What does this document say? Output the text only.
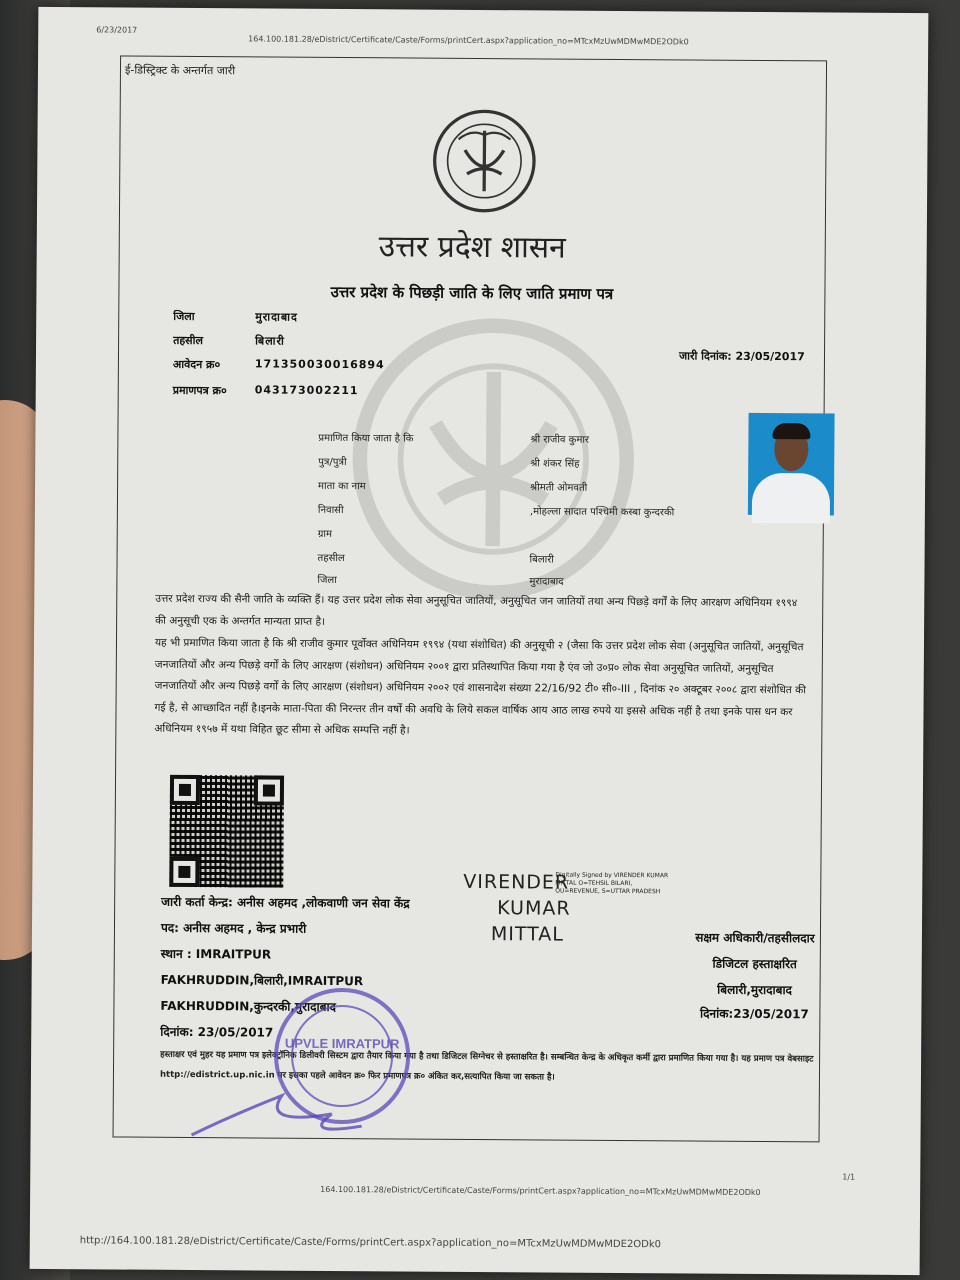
6/23/2017
164.100.181.28/eDistrict/Certificate/Caste/Forms/printCert.aspx?application_no=MTcxMzUwMDMwMDE2ODk0
ई-डिस्ट्रिक्ट के अन्तर्गत जारी
उत्तर प्रदेश शासन
उत्तर प्रदेश के पिछड़ी जाति के लिए जाति प्रमाण पत्र
जिला	मुरादाबाद
तहसील	बिलारी
आवेदन क्र०	171350030016894
प्रमाणपत्र क्र०	043173002211
जारी दिनांक: 23/05/2017
प्रमाणित किया जाता है कि	श्री राजीव कुमार
पुत्र/पुत्री	श्री शंकर सिंह
माता का नाम	श्रीमती ओमवती
निवासी	,मोहल्ला सादात पश्चिमी कस्बा कुन्दरकी
ग्राम
तहसील	बिलारी
जिला	मुरादाबाद
उत्तर प्रदेश राज्य की सैनी जाति के व्यक्ति हैं। यह उत्तर प्रदेश लोक सेवा अनुसूचित जातियों, अनुसूचित जन जातियों तथा अन्य पिछड़े वर्गों के लिए आरक्षण अधिनियम १९९४ की अनुसूची एक के अन्तर्गत मान्यता प्राप्त है।
यह भी प्रमाणित किया जाता है कि श्री राजीव कुमार पूर्वोक्त अधिनियम १९९४ (यथा संशोधित) की अनुसूची २ (जैसा कि उत्तर प्रदेश लोक सेवा (अनुसूचित जातियों, अनुसूचित जनजातियों और अन्य पिछड़े वर्गों के लिए आरक्षण (संशोधन) अधिनियम २००१ द्वारा प्रतिस्थापित किया गया है एंव जो उ०प्र० लोक सेवा अनुसूचित जातियों, अनुसूचित जनजातियों और अन्य पिछड़े वर्गों के लिए आरक्षण (संशोधन) अधिनियम २००२ एवं शासनादेश संख्या 22/16/92 टी० सी०-III , दिनांक २० अक्टूबर २००८ द्वारा संशोधित की गई है, से आच्छादित नहीं है।इनके माता-पिता की निरन्तर तीन वर्षों की अवधि के लिये सकल वार्षिक आय आठ लाख रुपये या इससे अधिक नहीं है तथा इनके पास धन कर अधिनियम १९५७ में यथा विहित छूट सीमा से अधिक सम्पत्ति नहीं है।
जारी कर्ता केन्द्र: अनीस अहमद ,लोकवाणी जन सेवा केंद्र
पद: अनीस अहमद , केन्द्र प्रभारी
स्थान : IMRAITPUR
FAKHRUDDIN,बिलारी,IMRAITPUR
FAKHRUDDIN,कुन्दरकी,मुरादाबाद
दिनांक: 23/05/2017
VIRENDER
KUMAR
MITTAL
Digitally Signed by VIRENDER KUMAR MITTAL O=TEHSIL BILARI, OU=REVENUE, S=UTTAR PRADESH
सक्षम अधिकारी/तहसीलदार
डिजिटल हस्ताक्षरित
बिलारी,मुरादाबाद
दिनांक:23/05/2017
हस्ताक्षर एवं मुहर यह प्रमाण पत्र इलेक्ट्रॉनिक डिलीवरी सिस्टम द्वारा तैयार किया गया है तथा डिजिटल सिग्नेचर से हस्ताक्षरित है। सम्बन्धित केन्द्र के अधिकृत कर्मी द्वारा प्रमाणित किया गया है। यह प्रमाण पत्र वेबसाइट http://edistrict.up.nic.in पर इसका पहले आवेदन क्र० फिर प्रमाणपत्र क्र० अंकित कर,सत्यापित किया जा सकता है।
UPVLE IMRATPUR
164.100.181.28/eDistrict/Certificate/Caste/Forms/printCert.aspx?application_no=MTcxMzUwMDMwMDE2ODk0
1/1
http://164.100.181.28/eDistrict/Certificate/Caste/Forms/printCert.aspx?application_no=MTcxMzUwMDMwMDE2ODk0
